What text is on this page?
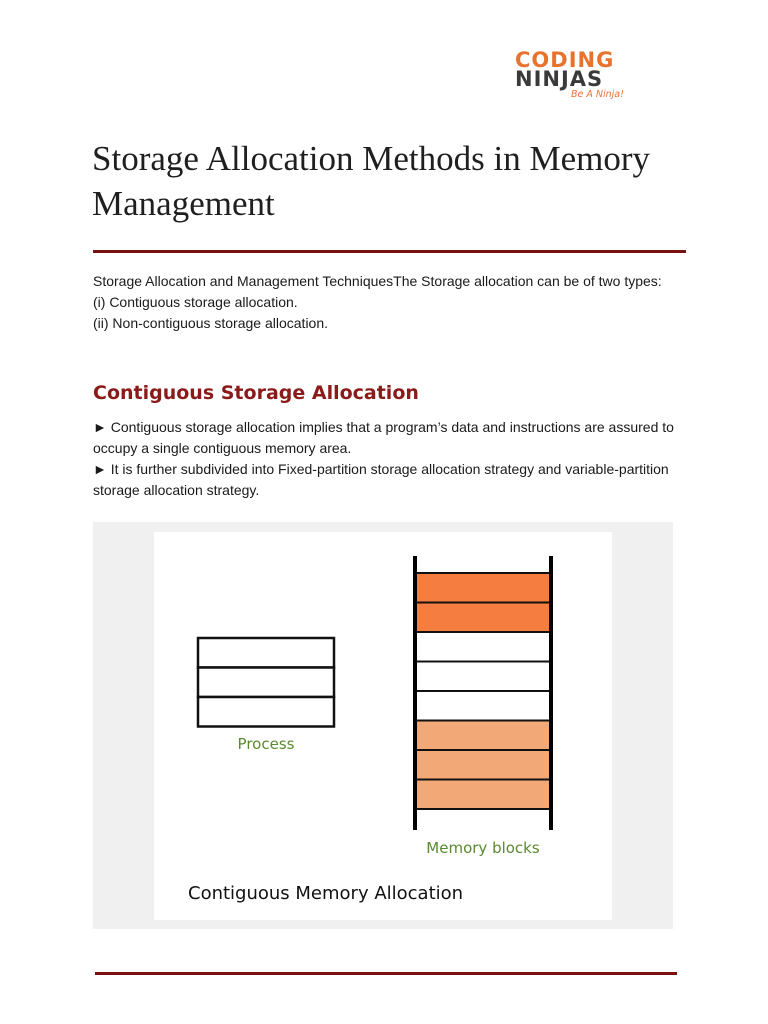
CODING
NINJAS
Be A Ninja!
Storage Allocation Methods in Memory Management
Storage Allocation and Management TechniquesThe Storage allocation can be of two types:
(i) Contiguous storage allocation.
(ii) Non-contiguous storage allocation.
Contiguous Storage Allocation
► Contiguous storage allocation implies that a program’s data and instructions are assured to occupy a single contiguous memory area.
► It is further subdivided into Fixed-partition storage allocation strategy and variable-partition storage allocation strategy.
Process
Memory blocks
Contiguous Memory Allocation
